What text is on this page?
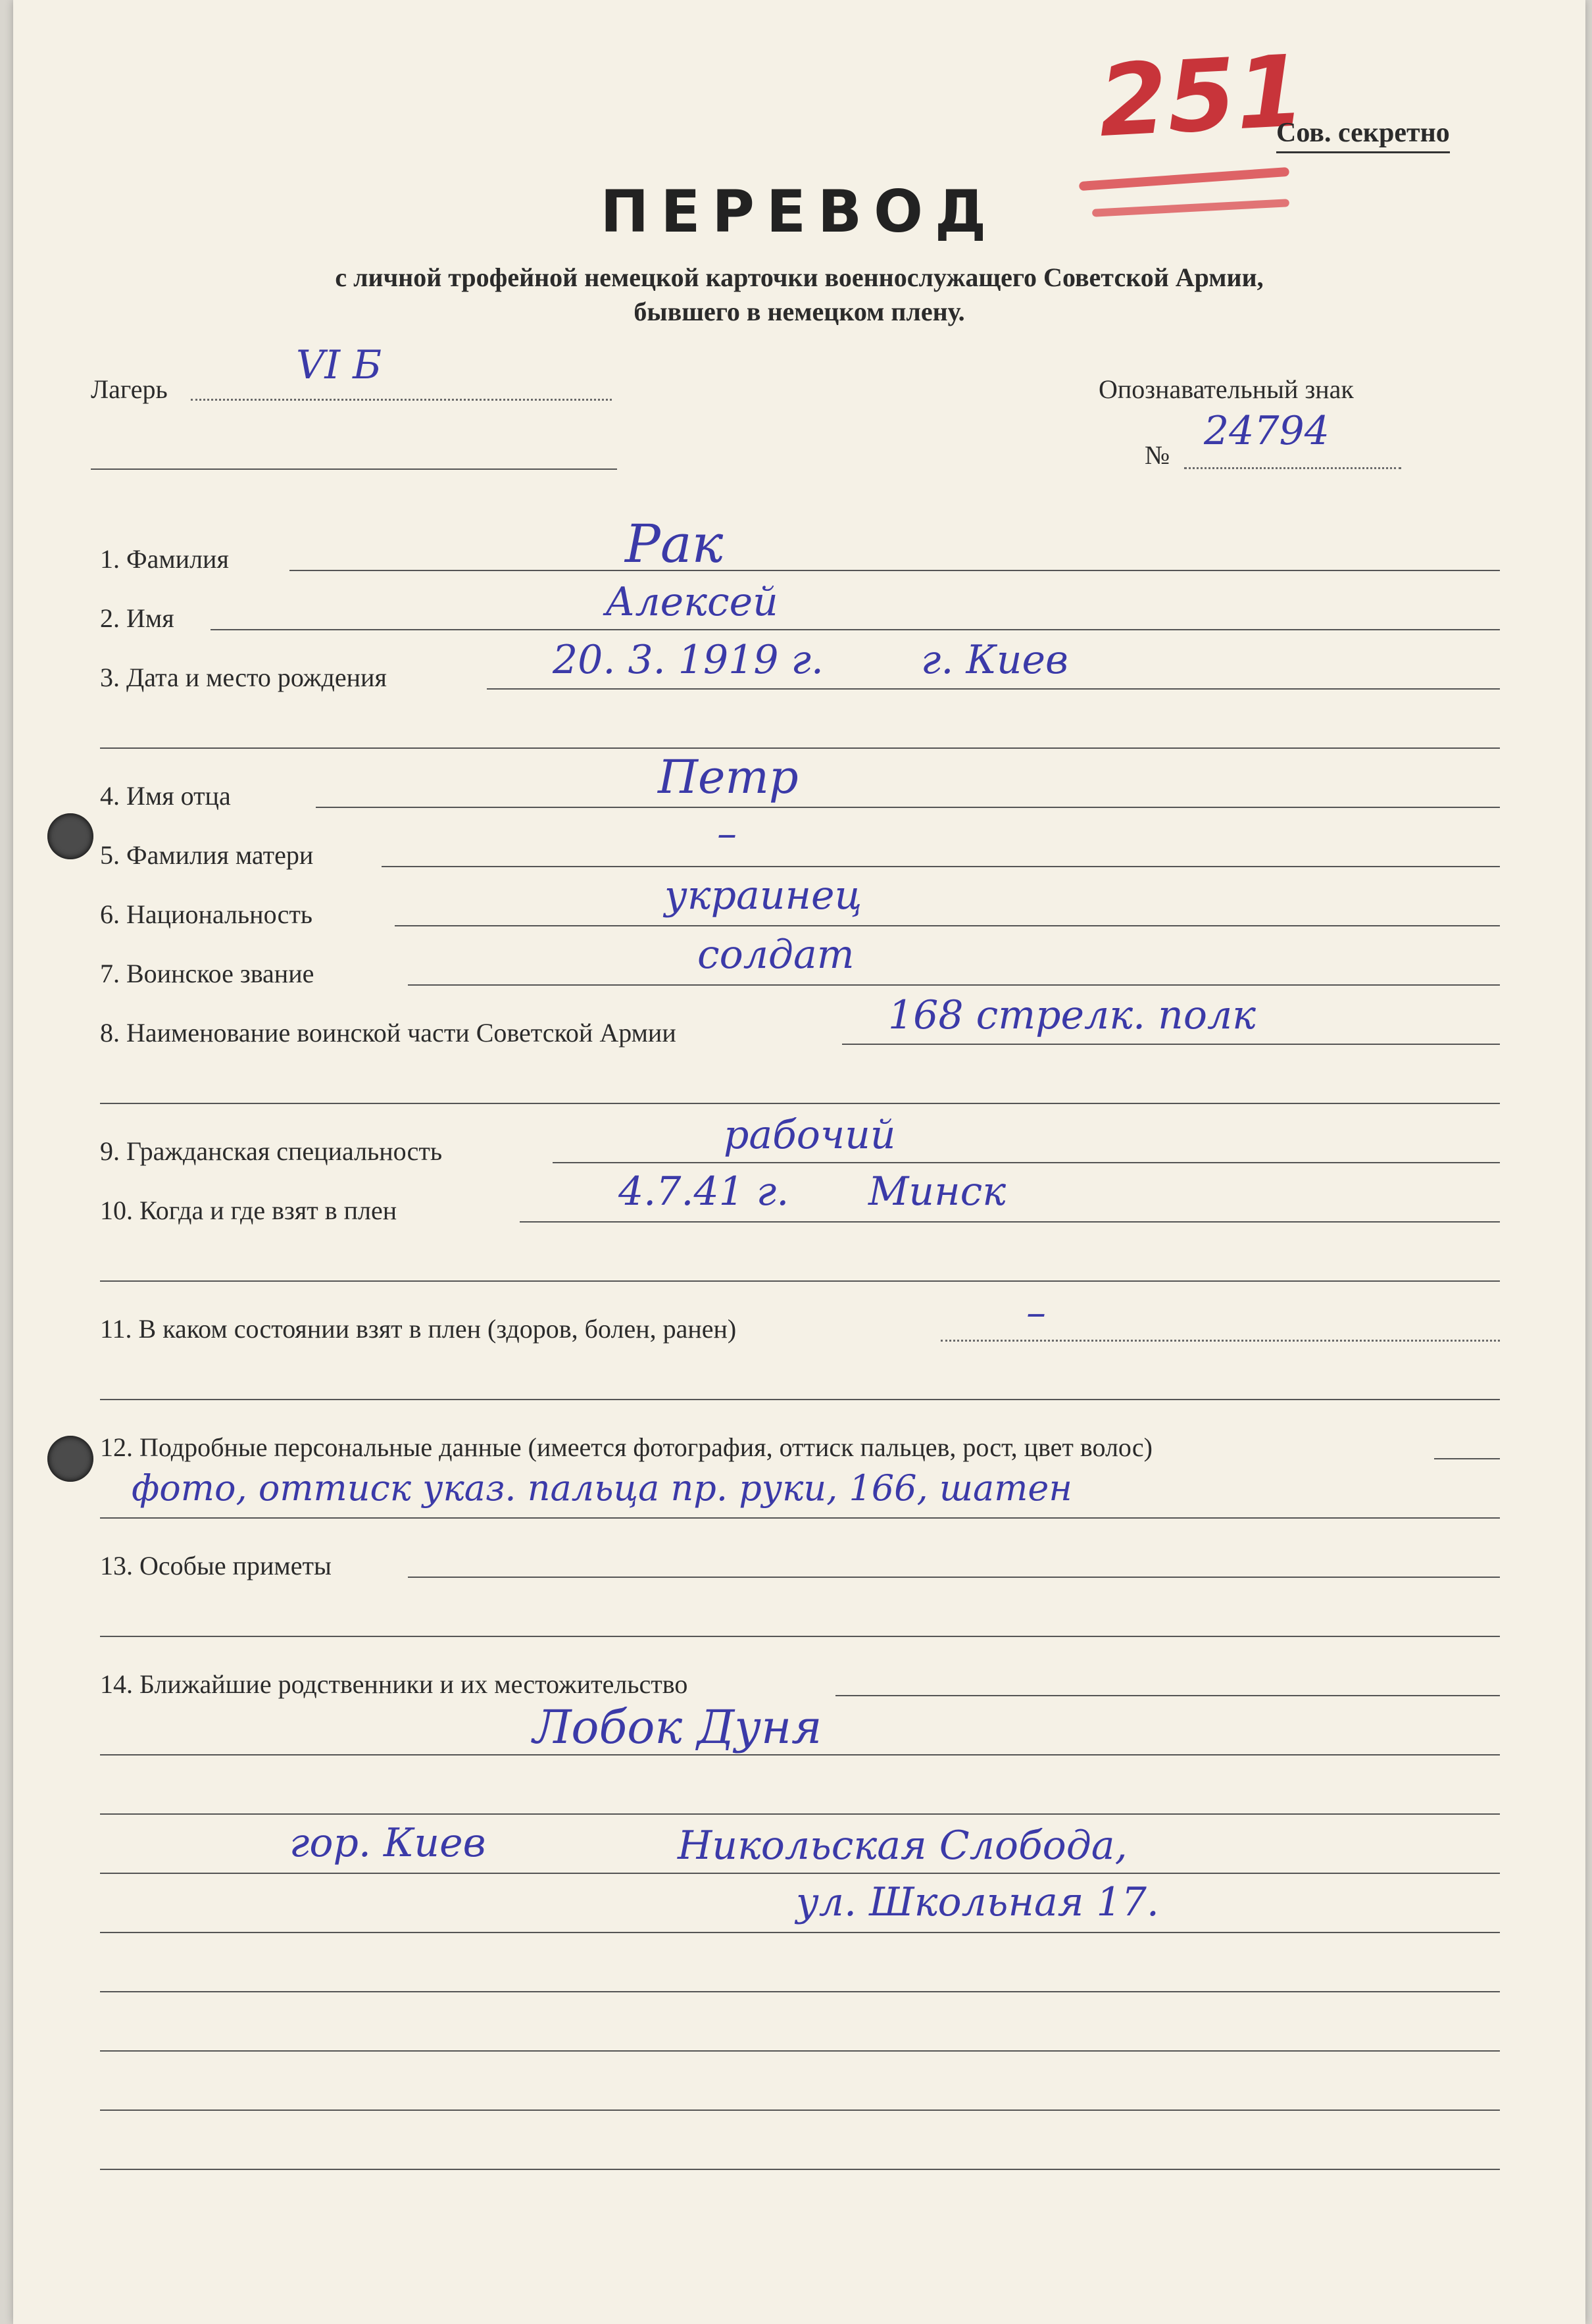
251
Сов. секретно
ПЕРЕВОД
с личной трофейной немецкой карточки военнослужащего Советской Армии,
бывшего в немецком плену.
Лагерь
VI Б
Опознавательный знак
№
24794
1. Фамилия	Рак
2. Имя	Алексей
3. Дата и место рождения	20. 3. 1919 г. г. Киев
4. Имя отца	Петр
5. Фамилия матери	–
6. Национальность	украинец
7. Воинское звание	солдат
8. Наименование воинской части Советской Армии	168 стрелк. полк
9. Гражданская специальность	рабочий
10. Когда и где взят в плен	4.7.41 г. Минск
11. В каком состоянии взят в плен (здоров, болен, ранен)	–
12. Подробные персональные данные (имеется фотография, оттиск пальцев, рост, цвет волос)
фото, оттиск указ. пальца пр. руки, 166, шатен
13. Особые приметы
14. Ближайшие родственники и их местожительство
Лобок Дуня
гор. Киев	Никольская Слобода,
ул. Школьная 17.
